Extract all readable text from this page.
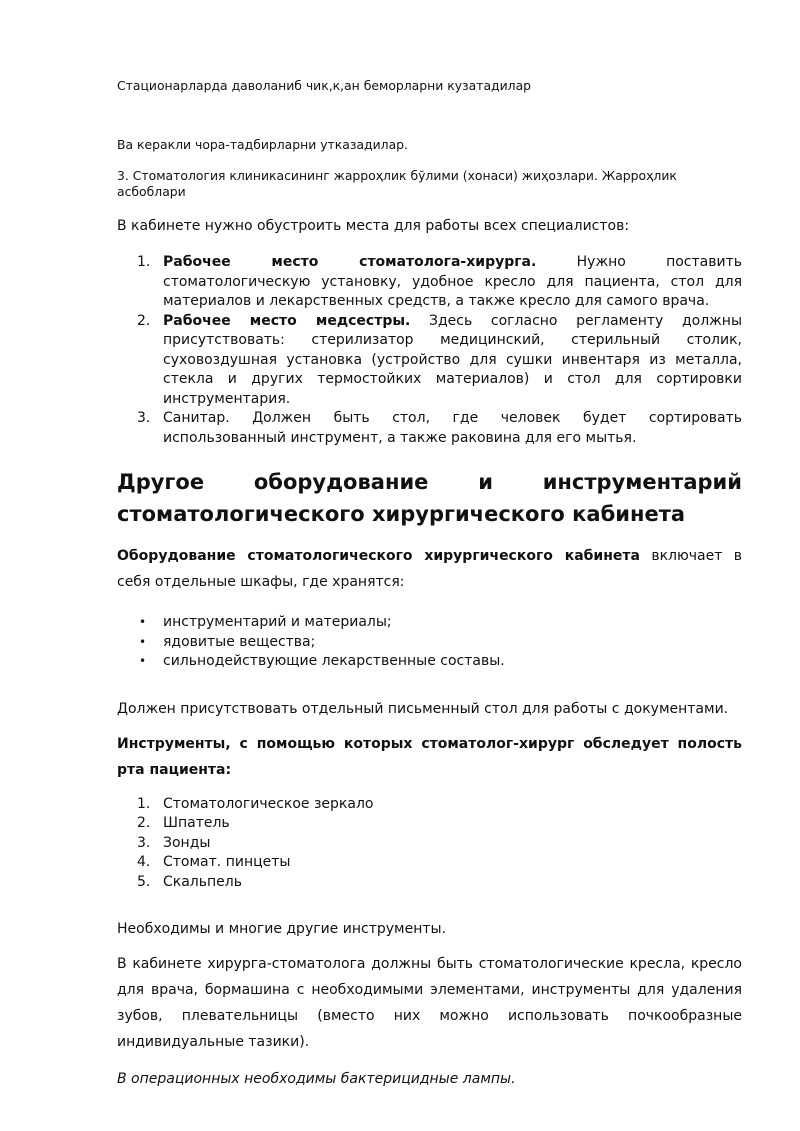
Стационарларда даволаниб чик,к,ан беморларни кузатадилар

Ва керакли чора-тадбирларни утказадилар.

3. Стоматология клиникасининг жарроҳлик бўлими (хонаси) жиҳозлари. Жарроҳлик асбоблари

В кабинете нужно обустроить места для работы всех специалистов:

1. Рабочее место стоматолога-хирурга. Нужно поставить стоматологическую установку, удобное кресло для пациента, стол для материалов и лекарственных средств, а также кресло для самого врача.
2. Рабочее место медсестры. Здесь согласно регламенту должны присутствовать: стерилизатор медицинский, стерильный столик, суховоздушная установка (устройство для сушки инвентаря из металла, стекла и других термостойких материалов) и стол для сортировки инструментария.
3. Санитар. Должен быть стол, где человек будет сортировать использованный инструмент, а также раковина для его мытья.
Другое оборудование и инструментарий
стоматологического хирургического кабинета

Оборудование стоматологического хирургического кабинета включает в себя отдельные шкафы, где хранятся:

• инструментарий и материалы;
• ядовитые вещества;
• сильнодействующие лекарственные составы.

Должен присутствовать отдельный письменный стол для работы с документами.

Инструменты, с помощью которых стоматолог-хирург обследует полость рта пациента:

1. Стоматологическое зеркало
2. Шпатель
3. Зонды
4. Стомат. пинцеты
5. Скальпель

Необходимы и многие другие инструменты.

В кабинете хирурга-стоматолога должны быть стоматологические кресла, кресло для врача, бормашина с необходимыми элементами, инструменты для удаления зубов, плевательницы (вместо них можно использовать почкообразные индивидуальные тазики).

В операционных необходимы бактерицидные лампы.
